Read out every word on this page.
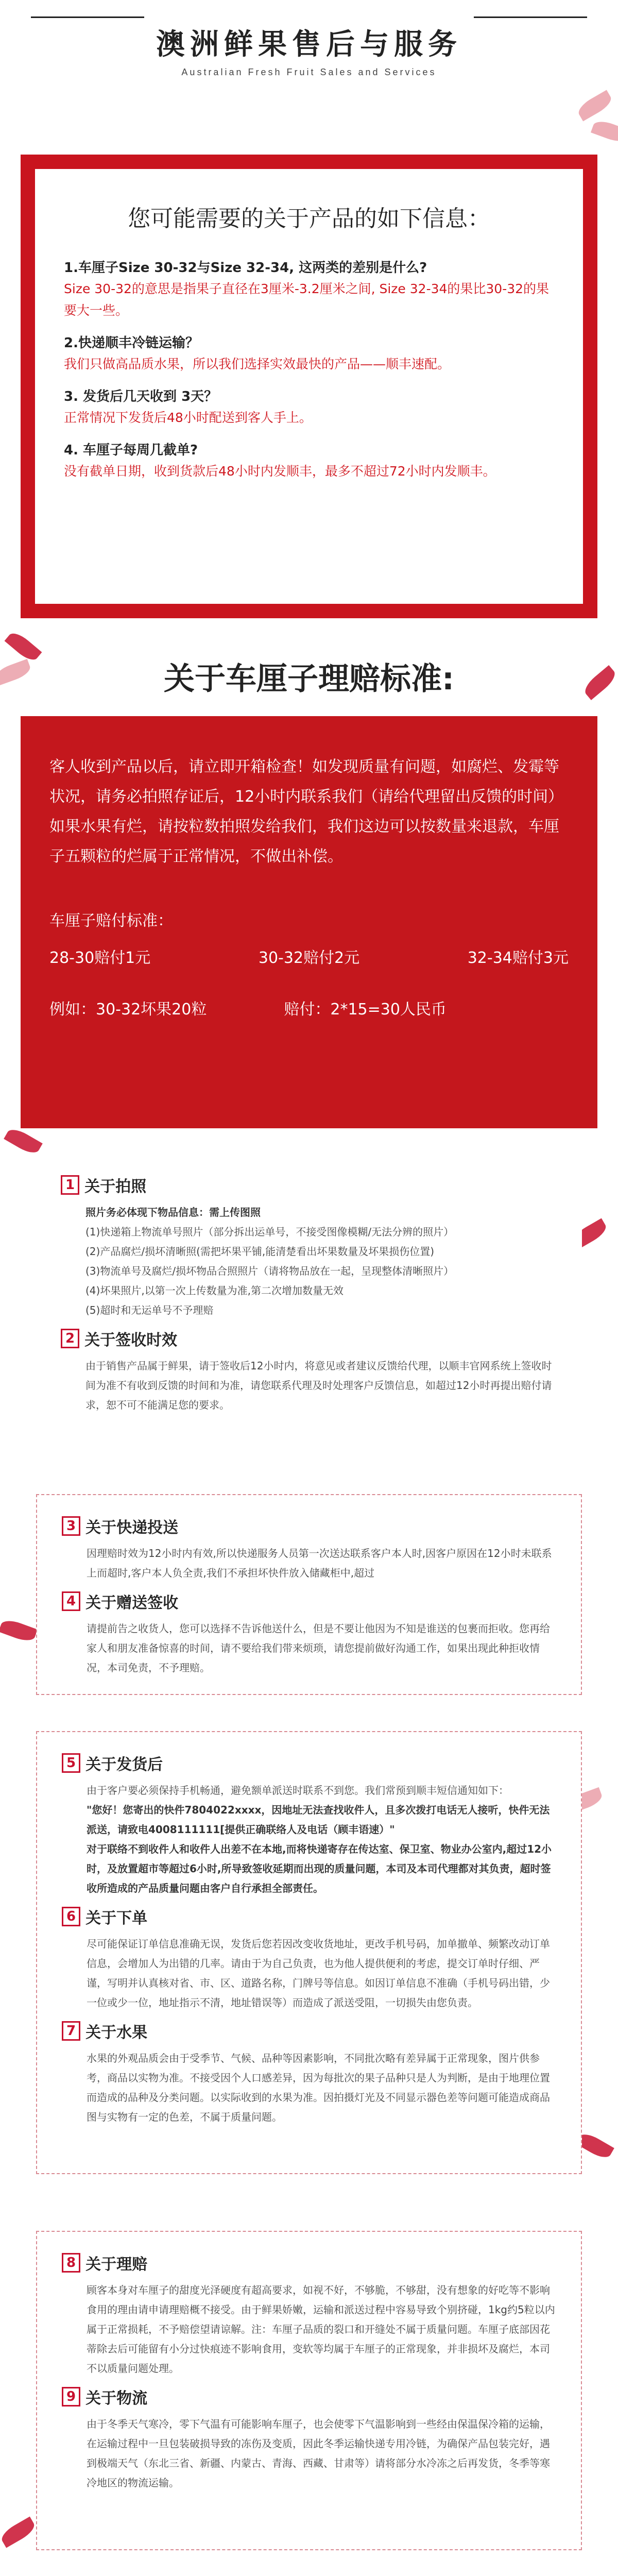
澳洲鲜果售后与服务
Australian Fresh Fruit Sales and Services
您可能需要的关于产品的如下信息：
1.车厘子Size 30-32与Size 32-34, 这两类的差别是什么?
Size 30-32的意思是指果子直径在3厘米-3.2厘米之间, Size 32-34的果比30-32的果要大一些。
2.快递顺丰冷链运输？
我们只做高品质水果，所以我们选择实效最快的产品——顺丰速配。
3. 发货后几天收到 3天？
正常情况下发货后48小时配送到客人手上。
4. 车厘子每周几截单?
没有截单日期，收到货款后48小时内发顺丰，最多不超过72小时内发顺丰。
关于车厘子理赔标准:
客人收到产品以后，请立即开箱检查！如发现质量有问题，如腐烂、发霉等状况，请务必拍照存证后，12小时内联系我们（请给代理留出反馈的时间）如果水果有烂，请按粒数拍照发给我们，我们这边可以按数量来退款，车厘子五颗粒的烂属于正常情况，不做出补偿。
车厘子赔付标准：
28-30赔付1元	30-32赔付2元	32-34赔付3元
例如：30-32坏果20粒	赔付：2*15=30人民币
1 关于拍照
照片务必体现下物品信息：需上传图照
(1)快递箱上物流单号照片（部分拆出运单号，不接受图像模糊/无法分辨的照片）
(2)产品腐烂/损坏清晰照(需把坏果平铺,能清楚看出坏果数量及坏果损伤位置)
(3)物流单号及腐烂/损坏物品合照照片（请将物品放在一起，呈现整体清晰照片）
(4)坏果照片,以第一次上传数量为准,第二次增加数量无效
(5)超时和无运单号不予理赔
2 关于签收时效
由于销售产品属于鲜果，请于签收后12小时内，将意见或者建议反馈给代理，以顺丰官网系统上签收时间为准不有收到反馈的时间和为准，请您联系代理及时处理客户反馈信息，如超过12小时再提出赔付请求，恕不可不能满足您的要求。
3 关于快递投送
因理赔时效为12小时内有效,所以快递服务人员第一次送达联系客户本人时,因客户原因在12小时未联系上而超时,客户本人负全责,我们不承担坏快件放入储藏柜中,超过
4 关于赠送签收
请提前告之收货人，您可以选择不告诉他送什么，但是不要让他因为不知是谁送的包裹而拒收。您再给家人和朋友准备惊喜的时间，请不要给我们带来烦琐，请您提前做好沟通工作，如果出现此种拒收情况，本司免责，不予理赔。
5 关于发货后
由于客户要必须保持手机畅通，避免额单派送时联系不到您。我们常预到顺丰短信通知如下：
"您好！您寄出的快件7804022xxxx，因地址无法查找收件人，且多次拨打电话无人接听，快件无法派送，请致电4008111111[提供正确联络人及电话（顾丰语速）"
对于联络不到收件人和收件人出差不在本地,而将快递寄存在传达室、保卫室、物业办公室内,超过12小时，及放置超市等超过6小时,所导致签收延期而出现的质量问题，本司及本司代理都对其负责，超时签收所造成的产品质量问题由客户自行承担全部责任。
6 关于下单
尽可能保证订单信息准确无误，发货后您若因改变收货地址，更改手机号码，加单撤单、频繁改动订单信息，会增加人为出错的几率。请由于为自己负责，也为他人提供便利的考虑，提交订单时仔细、严谨，写明并认真核对省、市、区、道路名称，门牌号等信息。如因订单信息不准确（手机号码出错，少一位或少一位，地址指示不清，地址错误等）而造成了派送受阻，一切损失由您负责。
7 关于水果
水果的外观品质会由于受季节、气候、品种等因素影响，不同批次略有差异属于正常现象，图片供参考，商品以实物为准。不接受因个人口感差异，因为每批次的果子品种只是人为判断，是由于地理位置而造成的品种及分类问题。以实际收到的水果为准。因拍摄灯光及不同显示器色差等问题可能造成商品图与实物有一定的色差，不属于质量问题。
8 关于理赔
顾客本身对车厘子的甜度光泽硬度有超高要求，如视不好，不够脆，不够甜，没有想象的好吃等不影响食用的理由请申请理赔概不接受。由于鲜果娇嫩，运输和派送过程中容易导致个别挤碰，1kg约5粒以内属于正常损耗，不予赔偿望请谅解。注：车厘子品质的裂口和开缝处不属于质量问题。车厘子底部因花蒂除去后可能留有小分过快痕迹不影响食用，变软等均属于车厘子的正常现象，并非损坏及腐烂，本司不以质量问题处理。
9 关于物流
由于冬季天气寒冷，零下气温有可能影响车厘子，也会使零下气温影响到一些经由保温保冷箱的运输，在运输过程中一旦包装破损导致的冻伤及变质，因此冬季运输快递专用冷链，为确保产品包装完好，遇到极端天气（东北三省、新疆、内蒙古、青海、西藏、甘肃等）请将部分水冷冻之后再发货，冬季等寒冷地区的物流运输。
